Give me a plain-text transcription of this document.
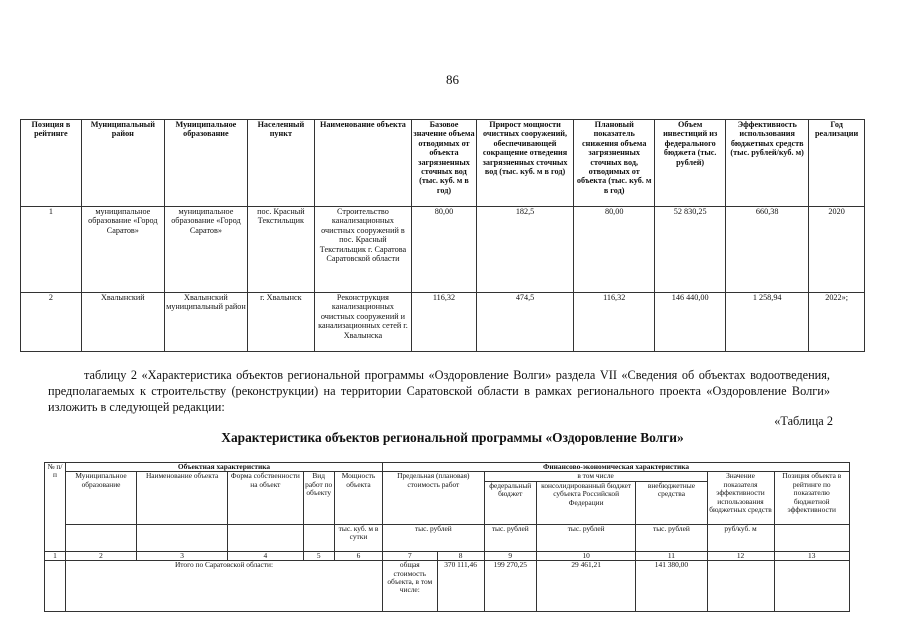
86
Позиция в рейтинге	Муниципальный район	Муниципальное образование	Населенный пункт	Наименование объекта	Базовое значение объема отводимых от объекта загрязненных сточных вод (тыс. куб. м в год)	Прирост мощности очистных сооружений, обеспечивающей сокращение отведения загрязненных сточных вод (тыс. куб. м в год)	Плановый показатель снижения объема загрязненных сточных вод, отводимых от объекта (тыс. куб. м в год)	Объем инвестиций из федерального бюджета (тыс. рублей)	Эффективность использования бюджетных средств (тыс. рублей/куб. м)	Год реализации
1	муниципальное образование «Город Саратов»	муниципальное образование «Город Саратов»	пос. Красный Текстильщик	Строительство канализационных очистных сооружений в пос. Красный Текстильщик г. Саратова Саратовской области	80,00	182,5	80,00	52 830,25	660,38	2020
2	Хвалынский	Хвалынский муниципальный район	г. Хвалынск	Реконструкция канализационных очистных сооружений и канализационных сетей г. Хвалынска	116,32	474,5	116,32	146 440,00	1 258,94	2022»;
таблицу 2 «Характеристика объектов региональной программы «Оздоровление Волги» раздела VII «Сведения об объектах водоотведения, предполагаемых к строительству (реконструкции) на территории Саратовской области в рамках регионального проекта «Оздоровление Волги» изложить в следующей редакции:
«Таблица 2
Характеристика объектов региональной программы «Оздоровление Волги»
№ п/п	Объектная характеристика					Финансово-экономическая характеристика						
	Муниципальное образование	Наименование объекта	Форма собственности на объект	Вид работ по объекту	Мощность объекта	Предельная (плановая) стоимость работ		в том числе			Значение показателя эффективности использования бюджетных средств	Позиция объекта в рейтинге по показателю бюджетной эффективности
								федеральный бюджет	консолидированный бюджет субъекта Российской Федерации	внебюджетные средства		
					тыс. куб. м в сутки	тыс. рублей		тыс. рублей	тыс. рублей	тыс. рублей	руб/куб. м	
1	2	3	4	5	6	7	8	9	10	11	12	13
	Итого по Саратовской области:					общая стоимость объекта, в том числе:	370 111,46	199 270,25	29 461,21	141 380,00		
